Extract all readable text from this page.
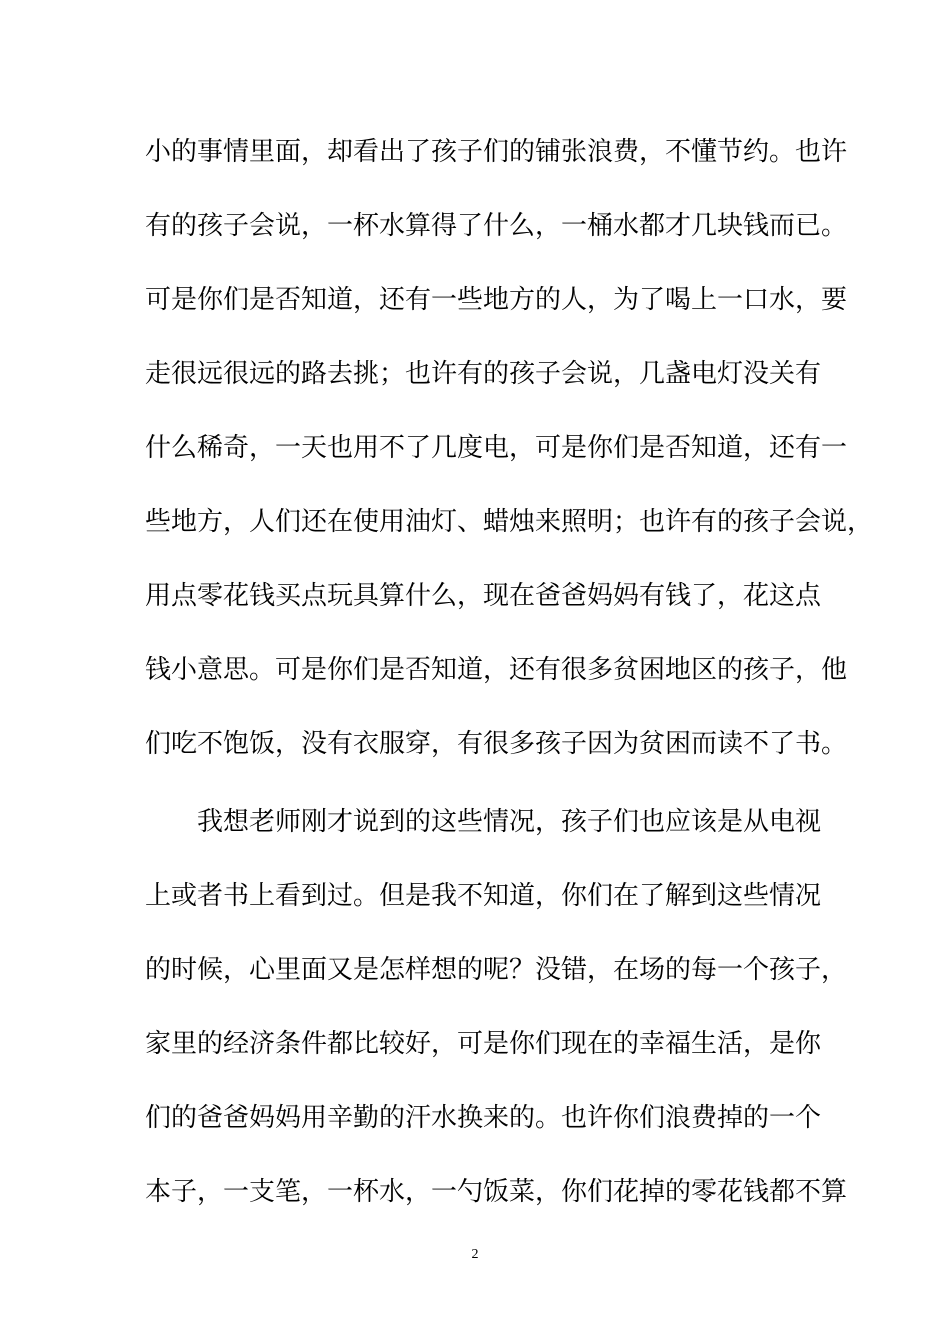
小的事情里面，却看出了孩子们的铺张浪费，不懂节约。也许
有的孩子会说，一杯水算得了什么，一桶水都才几块钱而已。
可是你们是否知道，还有一些地方的人，为了喝上一口水，要
走很远很远的路去挑；也许有的孩子会说，几盏电灯没关有
什么稀奇，一天也用不了几度电，可是你们是否知道，还有一
些地方，人们还在使用油灯、蜡烛来照明；也许有的孩子会说，
用点零花钱买点玩具算什么，现在爸爸妈妈有钱了，花这点
钱小意思。可是你们是否知道，还有很多贫困地区的孩子，他
们吃不饱饭，没有衣服穿，有很多孩子因为贫困而读不了书。
我想老师刚才说到的这些情况，孩子们也应该是从电视
上或者书上看到过。但是我不知道，你们在了解到这些情况
的时候，心里面又是怎样想的呢？没错，在场的每一个孩子，
家里的经济条件都比较好，可是你们现在的幸福生活，是你
们的爸爸妈妈用辛勤的汗水换来的。也许你们浪费掉的一个
本子，一支笔，一杯水，一勺饭菜，你们花掉的零花钱都不算
2
